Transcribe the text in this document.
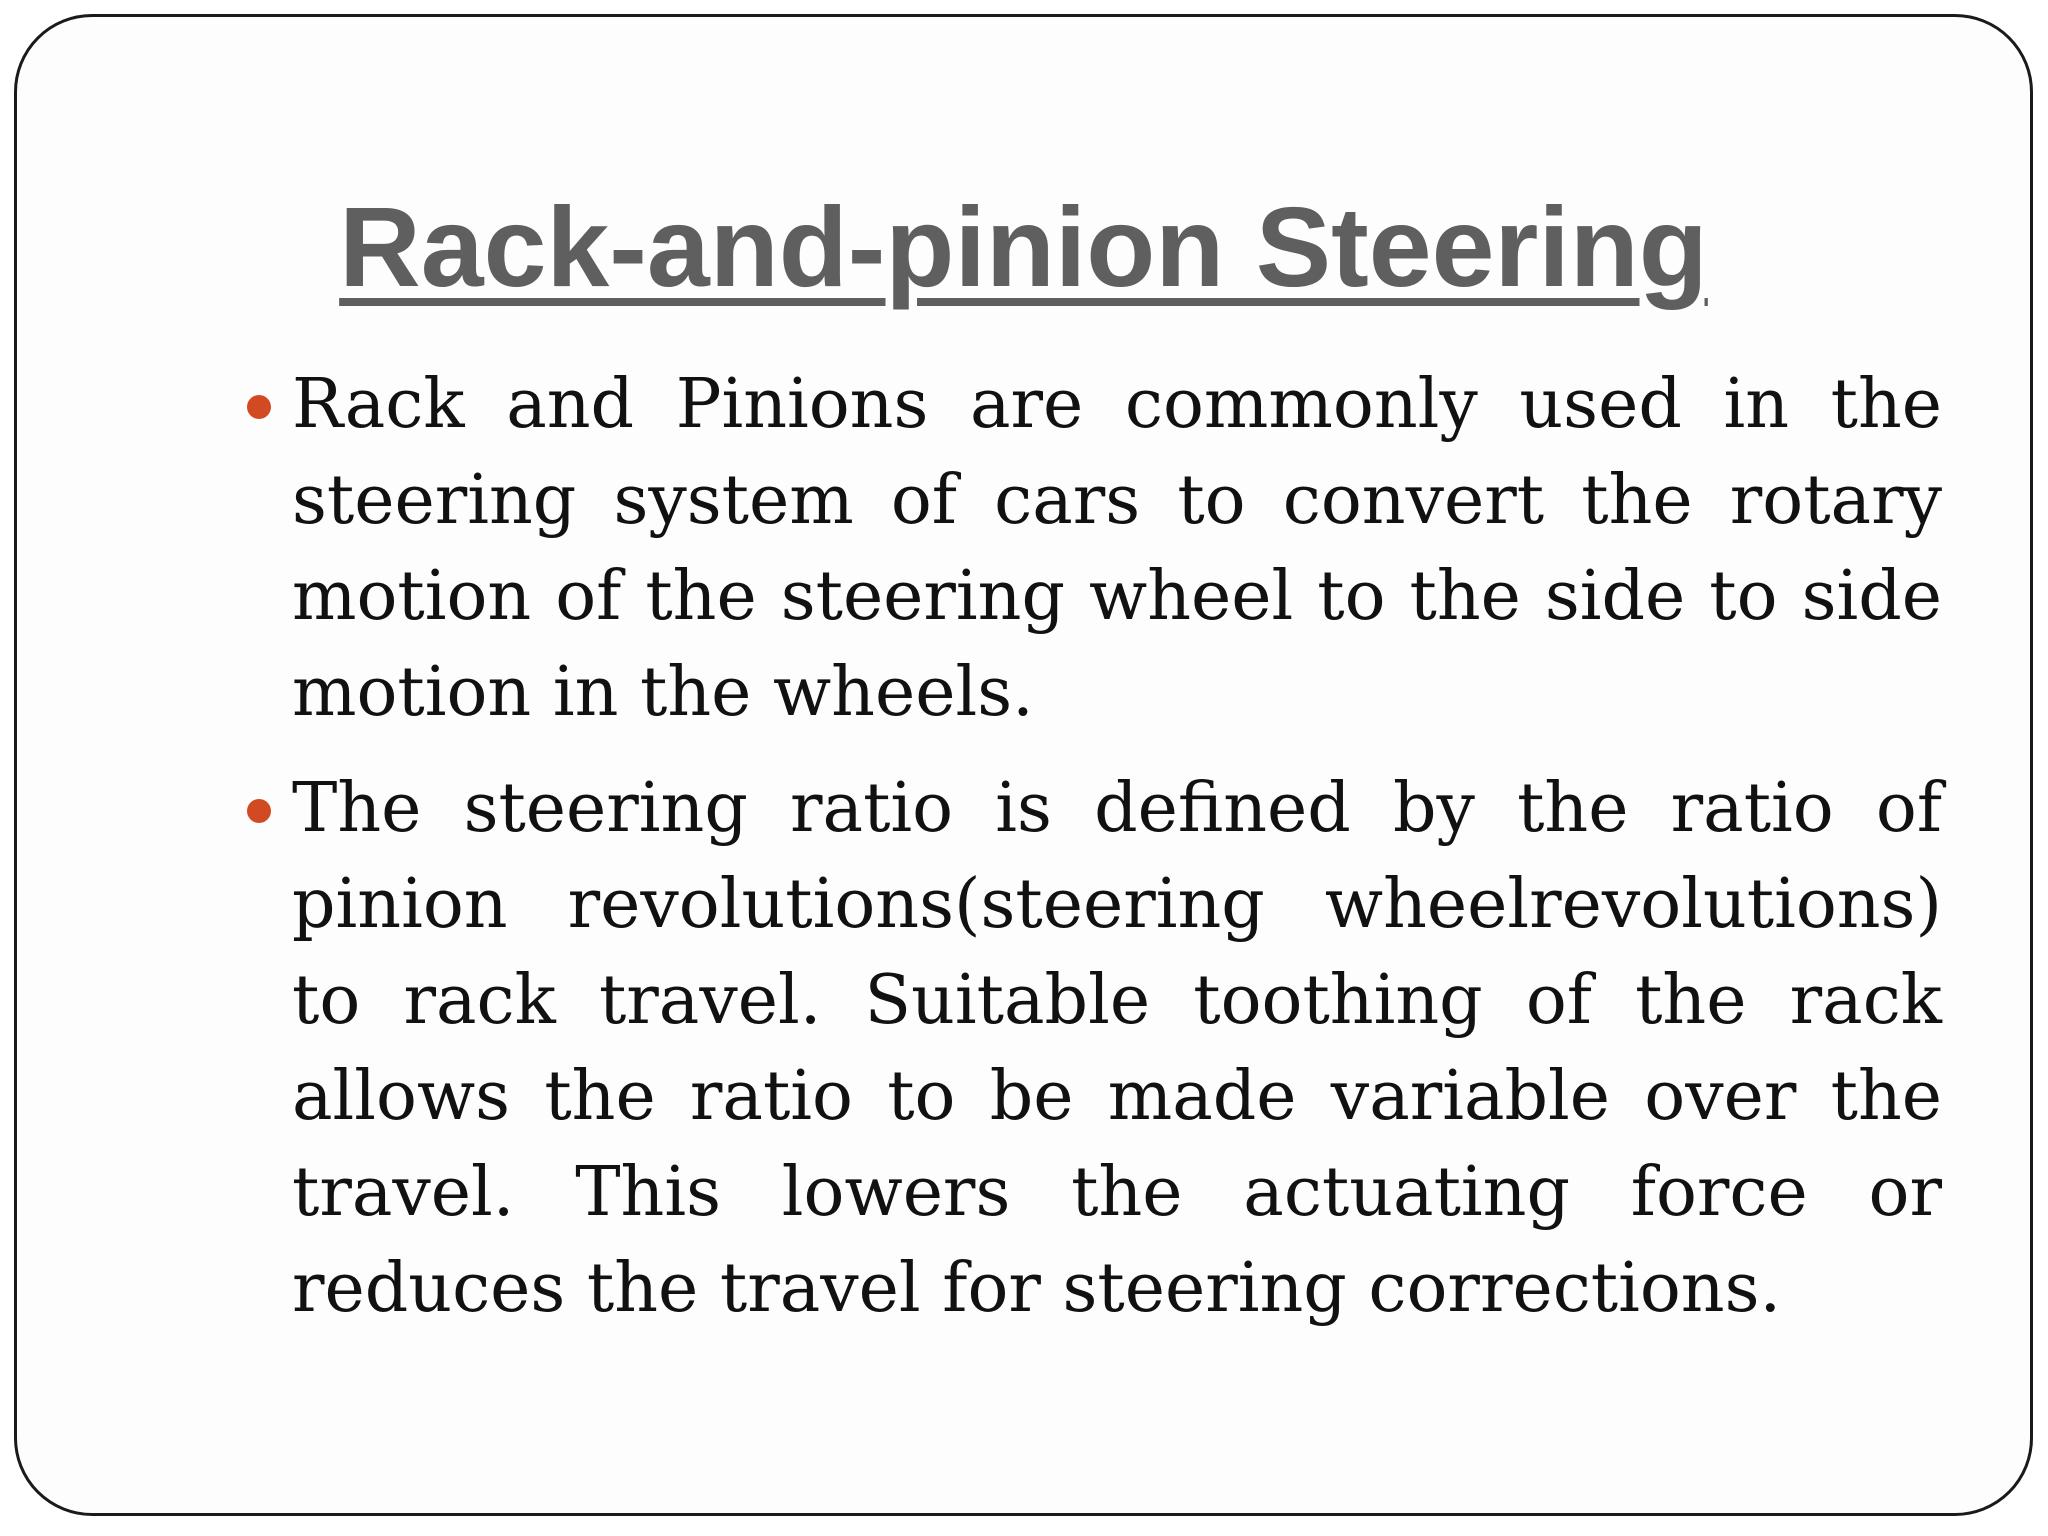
Rack-and-pinion Steering
Rack and Pinions are commonly used in the steering system of cars to convert the rotary motion of the steering wheel to the side to side motion in the wheels.
The steering ratio is defined by the ratio of pinion revolutions(steering wheelrevolutions) to rack travel. Suitable toothing of the rack allows the ratio to be made variable over the travel. This lowers the actuating force or reduces the travel for steering corrections.
